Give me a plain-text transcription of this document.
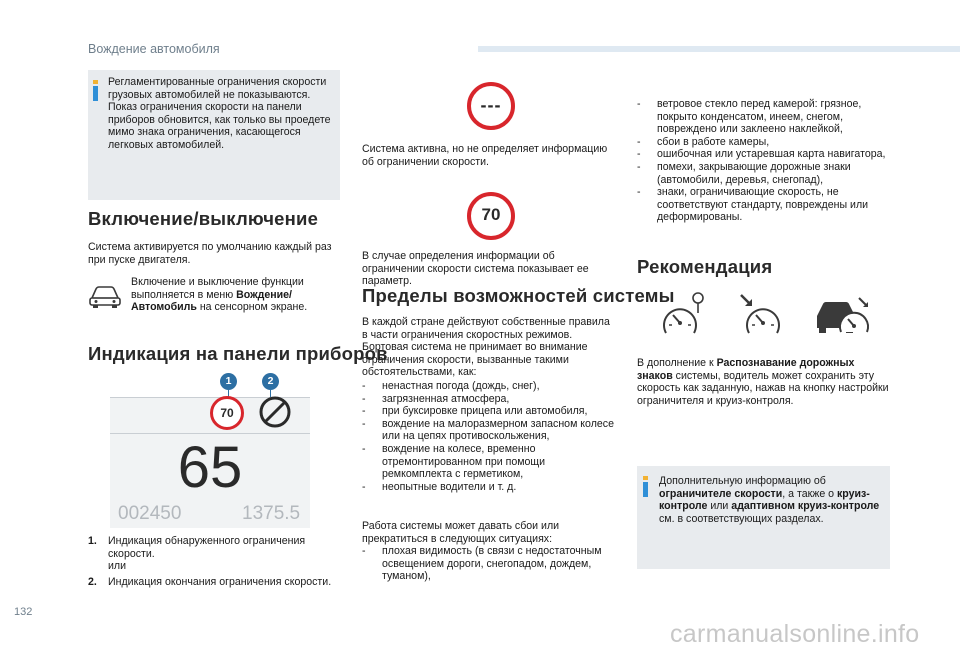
Вождение автомобиля
Регламентированные ограничения скорости грузовых автомобилей не показываются. Показ ограничения скорости на панели приборов обновится, как только вы проедете мимо знака ограничения, касающегося легковых автомобилей.
Включение/выключение
Система активируется по умолчанию каждый раз при пуске двигателя.
Включение и выключение функции выполняется в меню Вождение/Автомобиль на сенсорном экране.
Индикация на панели приборов
1	2
70
65
002450	1375.5
1. Индикация обнаруженного ограничения скорости.
или
2. Индикация окончания ограничения скорости.
---
Система активна, но не определяет информацию об ограничении скорости.
70
В случае определения информации об ограничении скорости система показывает ее параметр.
Пределы возможностей системы
В каждой стране действуют собственные правила в части ограничения скоростных режимов.
Бортовая система не принимает во внимание ограничения скорости, вызванные такими обстоятельствами, как:
- ненастная погода (дождь, снег),
- загрязненная атмосфера,
- при буксировке прицепа или автомобиля,
- вождение на малоразмерном запасном колесе или на цепях противоскольжения,
- вождение на колесе, временно отремонтированном при помощи ремкомплекта с герметиком,
- неопытные водители и т. д.
Работа системы может давать сбои или прекратиться в следующих ситуациях:
- плохая видимость (в связи с недостаточным освещением дороги, снегопадом, дождем, туманом),
- ветровое стекло перед камерой: грязное, покрыто конденсатом, инеем, снегом, повреждено или заклеено наклейкой,
- сбои в работе камеры,
- ошибочная или устаревшая карта навигатора,
- помехи, закрывающие дорожные знаки (автомобили, деревья, снегопад),
- знаки, ограничивающие скорость, не соответствуют стандарту, повреждены или деформированы.
Рекомендация
В дополнение к Распознавание дорожных знаков системы, водитель может сохранить эту скорость как заданную, нажав на кнопку настройки ограничителя и круиз-контроля.
Дополнительную информацию об ограничителе скорости, а также о круиз-контроле или адаптивном круиз-контроле см. в соответствующих разделах.
132
carmanualsonline.info
